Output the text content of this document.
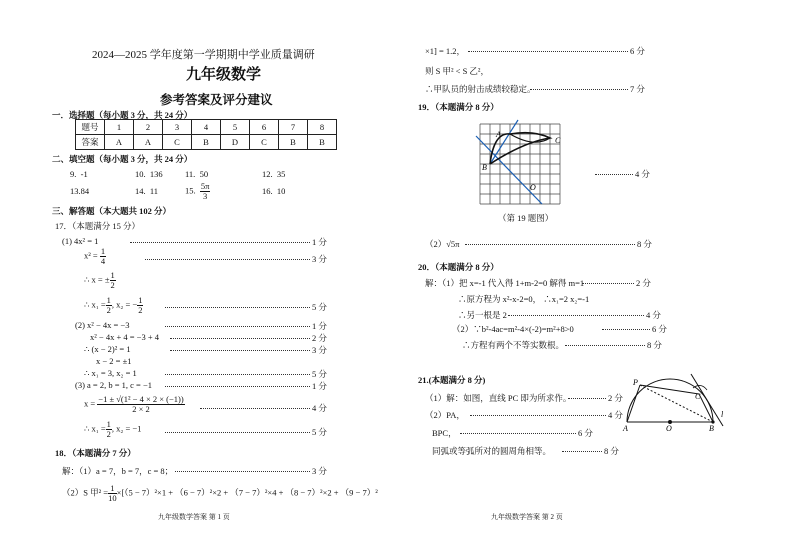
2024—2025 学年度第一学期期中学业质量调研
九年级数学
参考答案及评分建议
一．选择题（每小题 3 分，共 24 分）
题号	1	2	3	4	5	6	7	8
答案	A	A	C	B	D	C	B	B
二、填空题（每小题 3 分，共 24 分）
9. -1	10. 136	11. 50	12. 35
13.84	14. 11	15. $\frac{5\pi}{3}$	16. 10
三、解答题（本大题共 102 分）
17．（本题满分 15 分）
(1) 4x² = 1	1 分
$x^2 = \frac{1}{4}$	3 分
∴ x = ± $\frac{1}{2}$
∴ $x_1 = \frac{1}{2}$ , x₂ = − $\frac{1}{2}$	5 分
(2) x² − 4x = −3	1 分
x² − 4x + 4 = −3 + 4	2 分
∴ (x − 2)² = 1	3 分
x − 2 = ±1
∴ x₁ = 3, x₂ = 1	5 分
(3) a = 2, b = 1, c = −1	1 分
$x = \frac{\text{−1 ± √(1² − 4 × 2 × (−1))}}{2 \times 2}$	4 分
∴ $x_1 = \frac{1}{2}$ , x₂ = −1	5 分
18．（本题满分 7 分）
解：（1）a = 7，b = 7，c = 8；	3 分
（2）S 甲$^2 = \frac{1}{10} \times[(5 - 7)^2\times 1 + (6 - 7)^2\times 2 + (7 - 7)^2\times 4 + (8 - 7)^2\times 2 + (9 - 7)^2$
九年级数学答案 第 1 页
×1] = 1.2，	6 分
则 S 甲² < S 乙²，
∴甲队员的射击成绩较稳定。	7 分
19．（本题满分 8 分）
A
B
C
O
4 分
（第 19 题图）
（2）√5π	8 分
20．（本题满分 8 分）
解：（1）把 x=-1 代入得 1+m-2=0 解得 m=1	2 分
∴原方程为 x²-x-2=0， ∴x₁=2 x₂=-1
∴另一根是 2	4 分
（2）∵b²-4ac=m²-4×(-2)=m²+8>0	6 分
∴方程有两个不等实数根。	8 分
21.(本题满分 8 分)
（1）解：如图，直线 PC 即为所求作。	2 分
（2）PA，	4 分
BPC，	6 分
同弧或等弧所对的圆周角相等。	8 分
P
C
A	O	B
l
九年级数学答案 第 2 页
